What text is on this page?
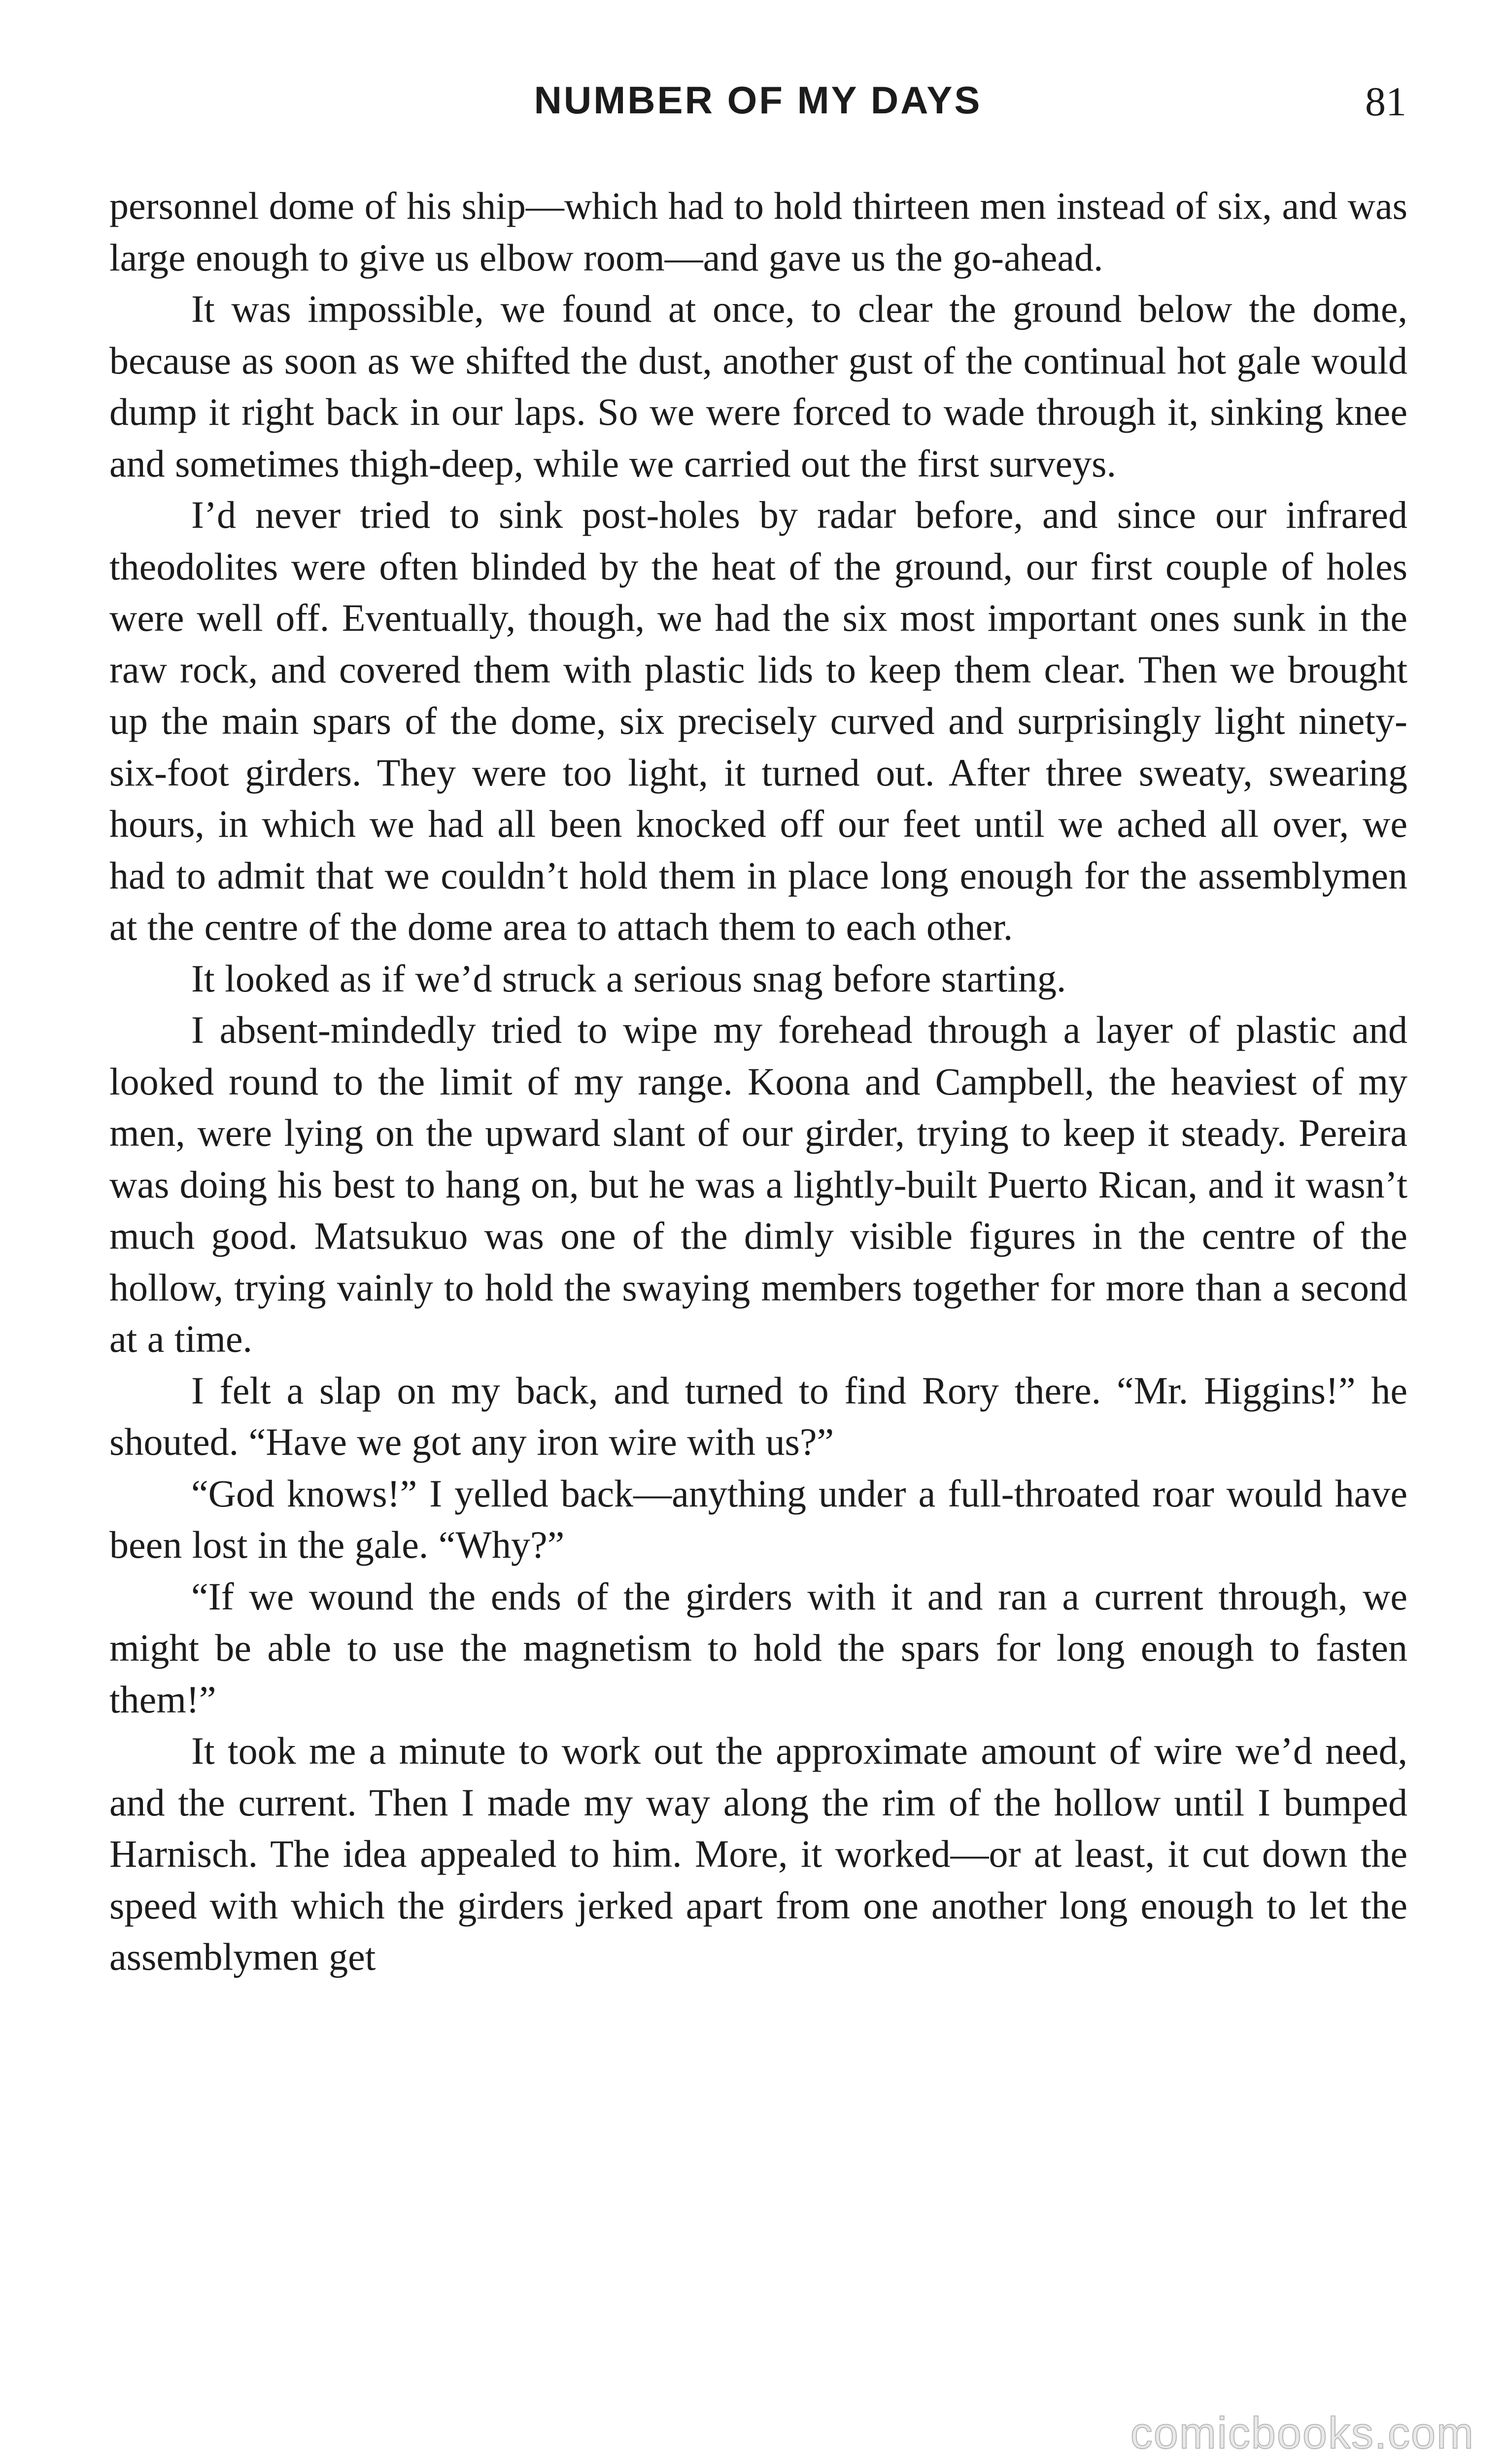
NUMBER OF MY DAYS	81

personnel dome of his ship—which had to hold thirteen men instead of six, and was large enough to give us elbow room—and gave us the go-ahead.

It was impossible, we found at once, to clear the ground below the dome, because as soon as we shifted the dust, another gust of the continual hot gale would dump it right back in our laps. So we were forced to wade through it, sinking knee and sometimes thigh-deep, while we carried out the first surveys.

I’d never tried to sink post-holes by radar before, and since our infrared theodolites were often blinded by the heat of the ground, our first couple of holes were well off. Eventually, though, we had the six most important ones sunk in the raw rock, and covered them with plastic lids to keep them clear. Then we brought up the main spars of the dome, six precisely curved and surprisingly light ninety-six-foot girders. They were too light, it turned out. After three sweaty, swearing hours, in which we had all been knocked off our feet until we ached all over, we had to admit that we couldn’t hold them in place long enough for the assemblymen at the centre of the dome area to attach them to each other.

It looked as if we’d struck a serious snag before starting.

I absent-mindedly tried to wipe my forehead through a layer of plastic and looked round to the limit of my range. Koona and Campbell, the heaviest of my men, were lying on the upward slant of our girder, trying to keep it steady. Pereira was doing his best to hang on, but he was a lightly-built Puerto Rican, and it wasn’t much good. Matsukuo was one of the dimly visible figures in the centre of the hollow, trying vainly to hold the swaying members together for more than a second at a time.

I felt a slap on my back, and turned to find Rory there. “Mr. Higgins!” he shouted. “Have we got any iron wire with us?”

“God knows!” I yelled back—anything under a full-throated roar would have been lost in the gale. “Why?”

“If we wound the ends of the girders with it and ran a current through, we might be able to use the magnetism to hold the spars for long enough to fasten them!”

It took me a minute to work out the approximate amount of wire we’d need, and the current. Then I made my way along the rim of the hollow until I bumped Harnisch. The idea appealed to him. More, it worked—or at least, it cut down the speed with which the girders jerked apart from one another long enough to let the assemblymen get

comicbooks.com
